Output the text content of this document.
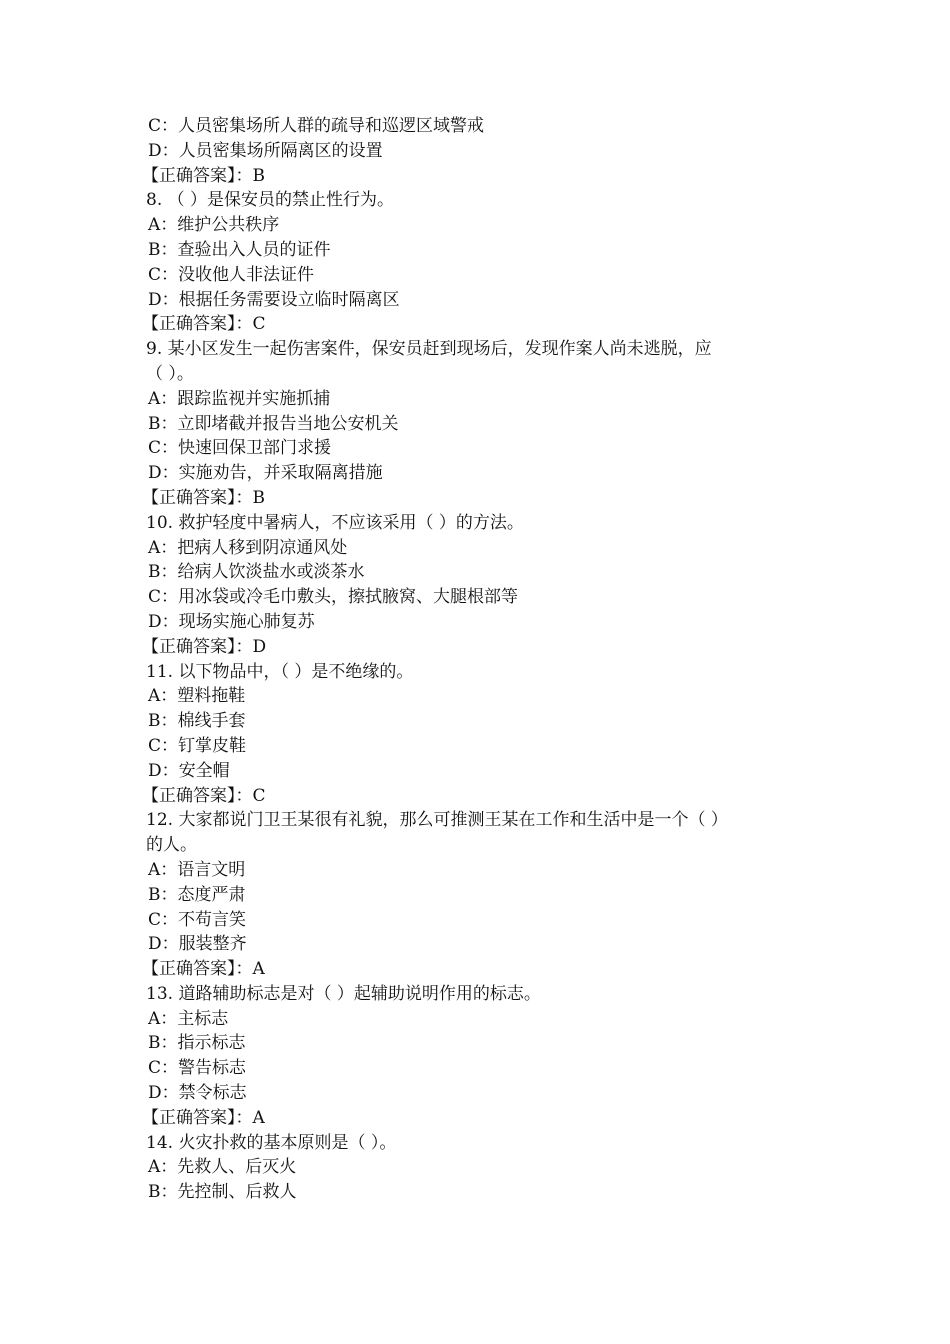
C：人员密集场所人群的疏导和巡逻区域警戒
D：人员密集场所隔离区的设置
【正确答案】：B
8. （ ）是保安员的禁止性行为。
A：维护公共秩序
B：查验出入人员的证件
C：没收他人非法证件
D：根据任务需要设立临时隔离区
【正确答案】：C
9. 某小区发生一起伤害案件，保安员赶到现场后，发现作案人尚未逃脱，应
（ ）。
A：跟踪监视并实施抓捕
B：立即堵截并报告当地公安机关
C：快速回保卫部门求援
D：实施劝告，并采取隔离措施
【正确答案】：B
10. 救护轻度中暑病人，不应该采用（ ）的方法。
A：把病人移到阴凉通风处
B：给病人饮淡盐水或淡茶水
C：用冰袋或冷毛巾敷头，擦拭腋窝、大腿根部等
D：现场实施心肺复苏
【正确答案】：D
11. 以下物品中，（ ）是不绝缘的。
A：塑料拖鞋
B：棉线手套
C：钉掌皮鞋
D：安全帽
【正确答案】：C
12. 大家都说门卫王某很有礼貌，那么可推测王某在工作和生活中是一个（ ）
的人。
A：语言文明
B：态度严肃
C：不苟言笑
D：服装整齐
【正确答案】：A
13. 道路辅助标志是对（ ）起辅助说明作用的标志。
A：主标志
B：指示标志
C：警告标志
D：禁令标志
【正确答案】：A
14. 火灾扑救的基本原则是（ ）。
A：先救人、后灭火
B：先控制、后救人
